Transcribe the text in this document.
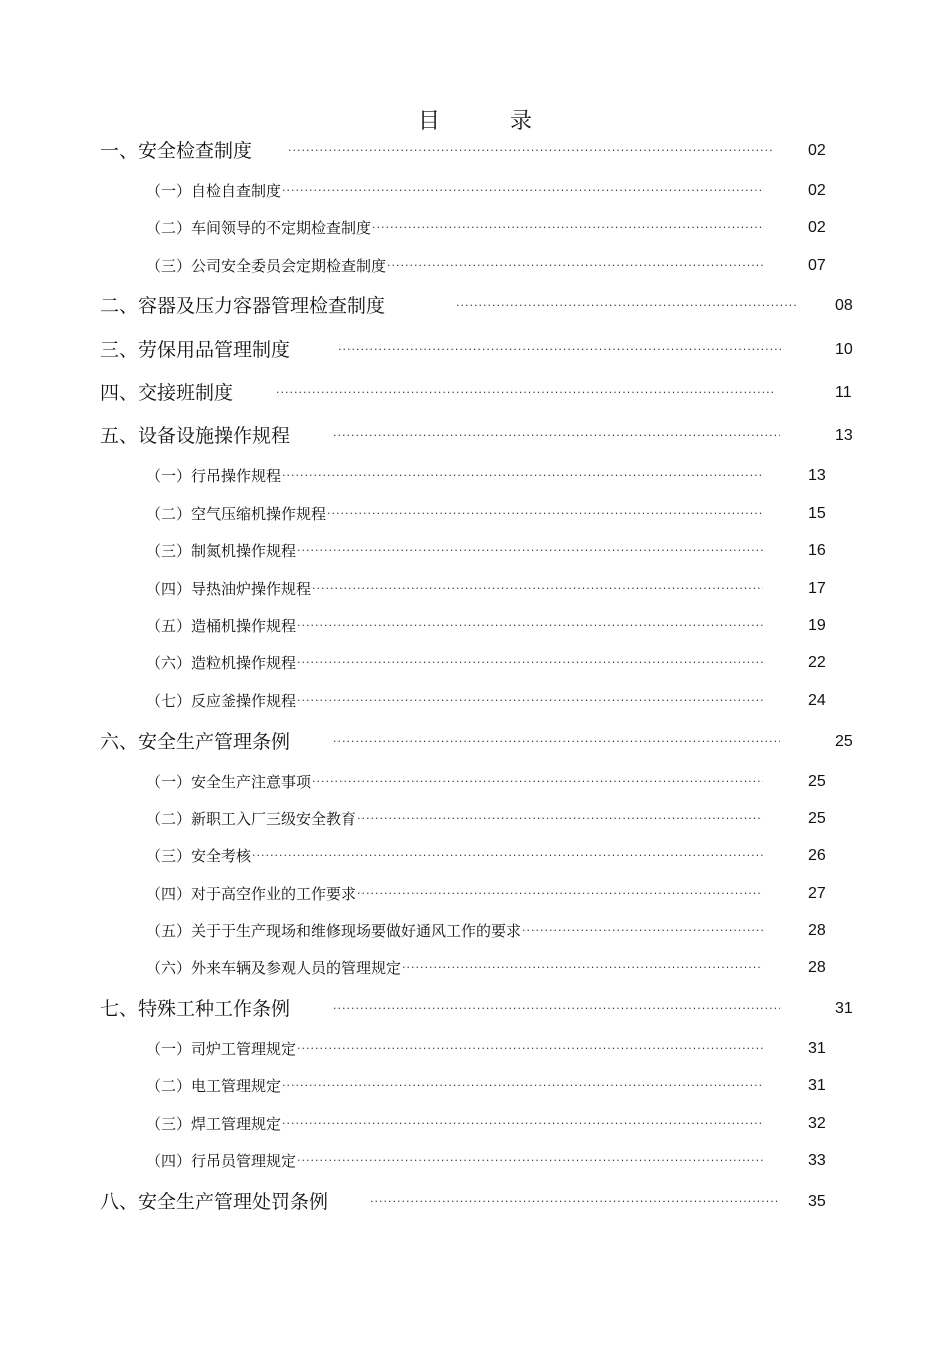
目　录
一、安全检查制度 ·····	02
（一）自检自查制度 ·····	02
（二）车间领导的不定期检查制度 ·····	02
（三）公司安全委员会定期检查制度 ·····	07
二、容器及压力容器管理检查制度 ·····	08
三、劳保用品管理制度 ·····	10
四、交接班制度 ·····	11
五、设备设施操作规程 ·····	13
（一）行吊操作规程 ·····	13
（二）空气压缩机操作规程 ·····	15
（三）制氮机操作规程 ·····	16
（四）导热油炉操作规程 ·····	17
（五）造桶机操作规程 ·····	19
（六）造粒机操作规程 ·····	22
（七）反应釜操作规程 ·····	24
六、安全生产管理条例 ·····	25
（一）安全生产注意事项 ·····	25
（二）新职工入厂三级安全教育 ·····	25
（三）安全考核 ·····	26
（四）对于高空作业的工作要求 ·····	27
（五）关于于生产现场和维修现场要做好通风工作的要求 ·····	28
（六）外来车辆及参观人员的管理规定 ·····	28
七、特殊工种工作条例 ·····	31
（一）司炉工管理规定 ·····	31
（二）电工管理规定 ·····	31
（三）焊工管理规定 ·····	32
（四）行吊员管理规定 ·····	33
八、安全生产管理处罚条例 ·····	35
